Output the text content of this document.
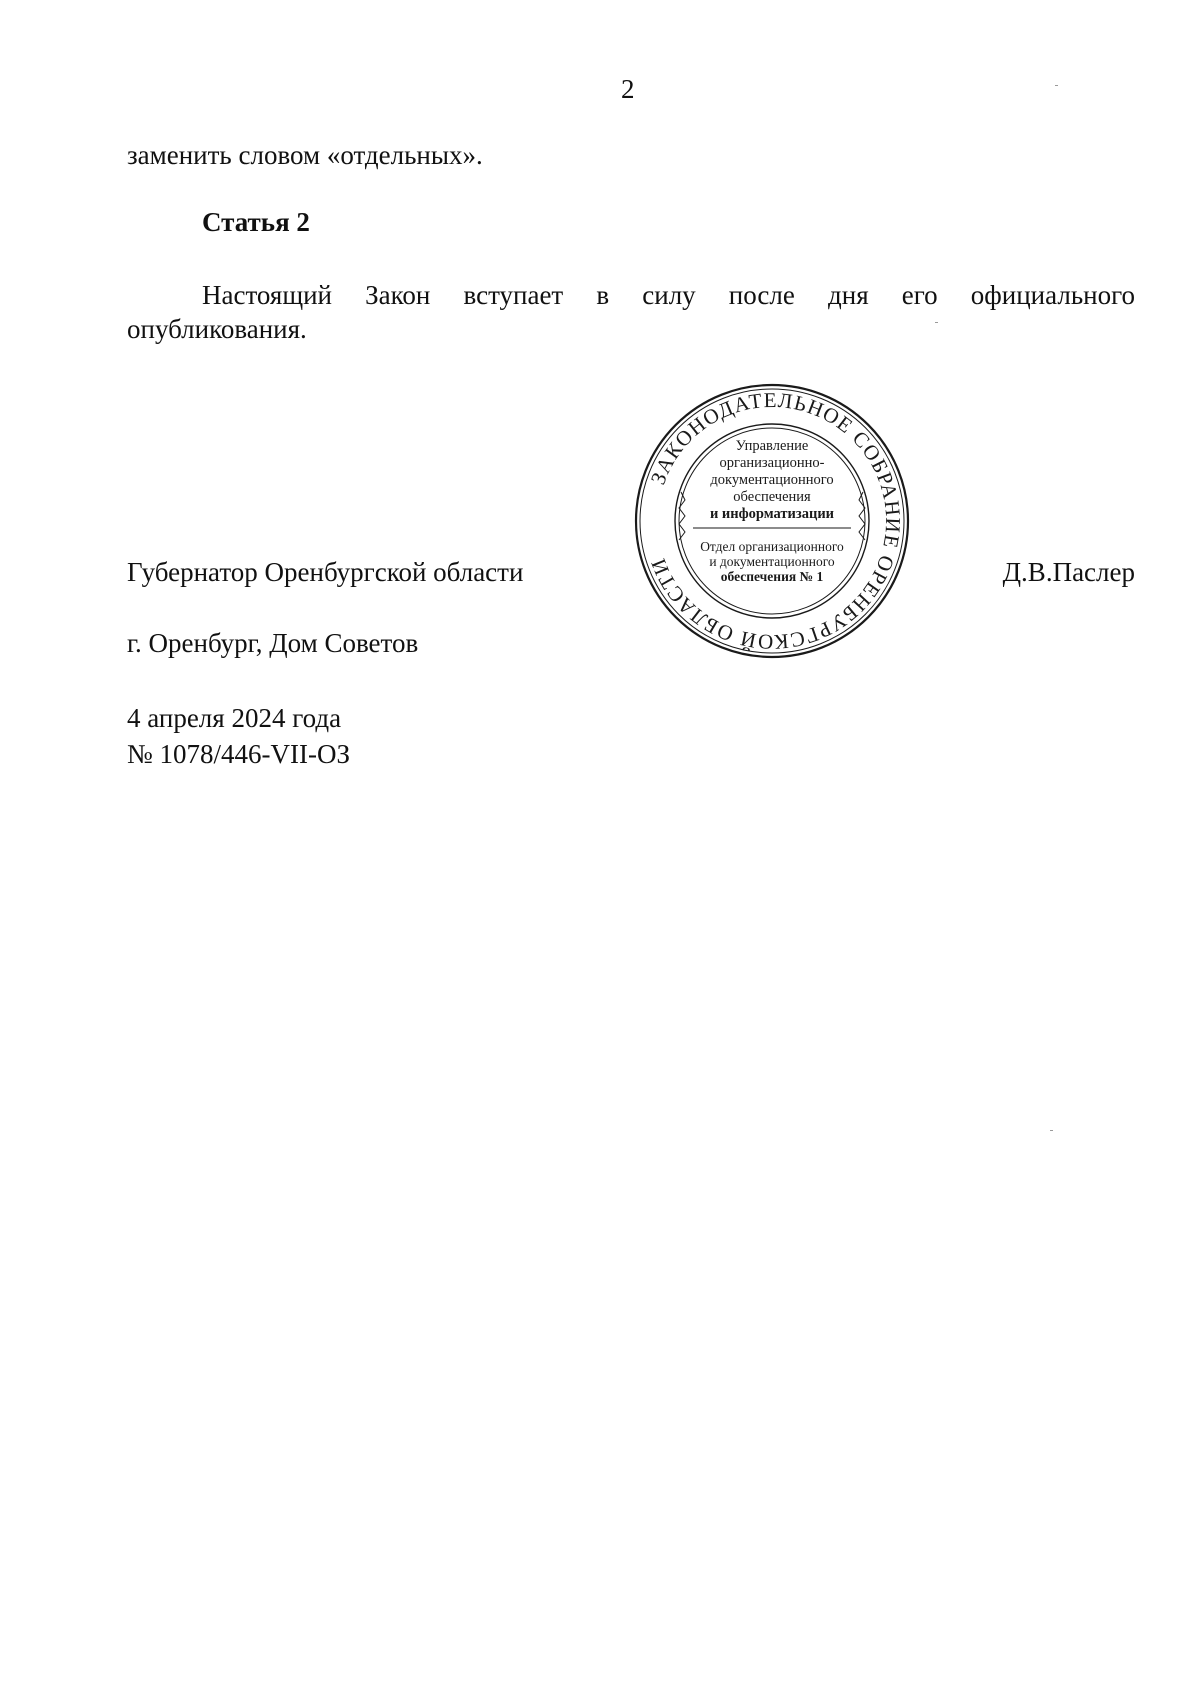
2
заменить словом «отдельных».
Статья 2
Настоящий Закон вступает в силу после дня его официального
опубликования.
Губернатор Оренбургской области	Д.В.Паслер
г. Оренбург, Дом Советов
4 апреля 2024 года
№ 1078/446-VII-ОЗ
ЗАКОНОДАТЕЛЬНОЕ СОБРАНИЕ ОРЕНБУРГСКОЙ ОБЛАСТИ
Управление
организационно-
документационного
обеспечения
и информатизации
Отдел организационного
и документационного
обеспечения № 1
